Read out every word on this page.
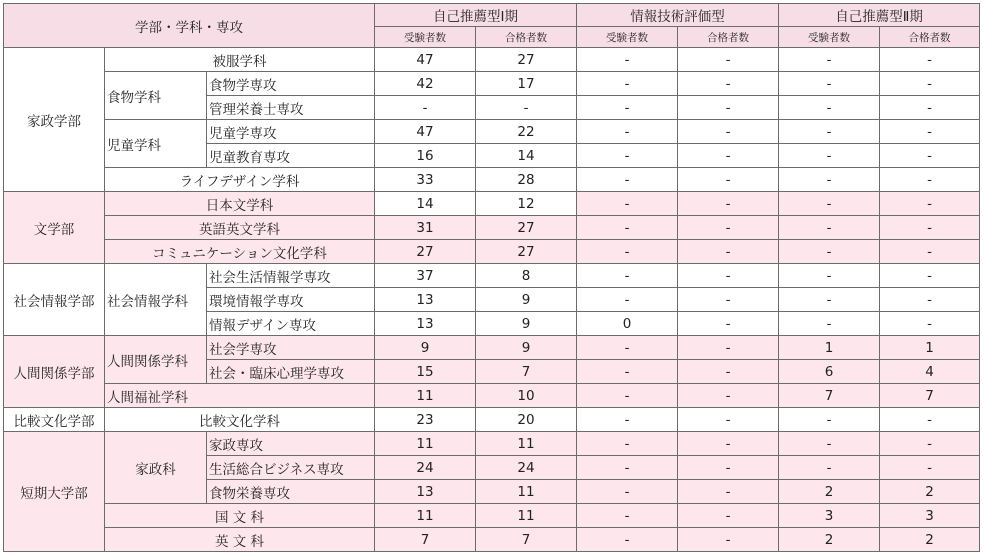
学部・学科・専攻			自己推薦型Ⅰ期		情報技術評価型		自己推薦型Ⅱ期	
			受験者数	合格者数	受験者数	合格者数	受験者数	合格者数
家政学部	被服学科		47	27	-	-	-	-
	食物学科	食物学専攻	42	17	-	-	-	-
		管理栄養士専攻	-	-	-	-	-	-
	児童学科	児童学専攻	47	22	-	-	-	-
		児童教育専攻	16	14	-	-	-	-
	ライフデザイン学科		33	28	-	-	-	-
文学部	日本文学科		14	12	-	-	-	-
	英語英文学科		31	27	-	-	-	-
	コミュニケーション文化学科		27	27	-	-	-	-
社会情報学部	社会情報学科	社会生活情報学専攻	37	8	-	-	-	-
		環境情報学専攻	13	9	-	-	-	-
		情報デザイン専攻	13	9	0	-	-	-
人間関係学部	人間関係学科	社会学専攻	9	9	-	-	1	1
		社会・臨床心理学専攻	15	7	-	-	6	4
	人間福祉学科		11	10	-	-	7	7
比較文化学部	比較文化学科		23	20	-	-	-	-
短期大学部	家政科	家政専攻	11	11	-	-	-	-
		生活総合ビジネス専攻	24	24	-	-	-	-
		食物栄養専攻	13	11	-	-	2	2
	国 文 科		11	11	-	-	3	3
	英 文 科		7	7	-	-	2	2
